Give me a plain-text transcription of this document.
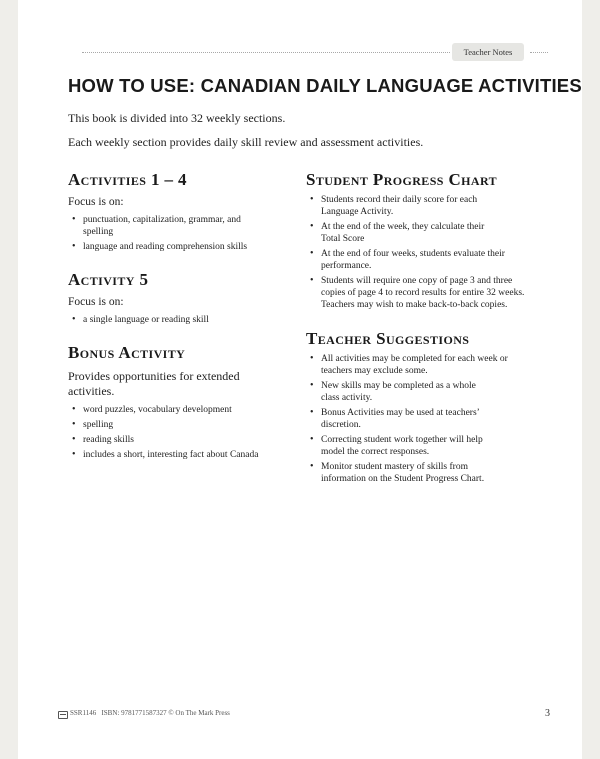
Teacher Notes
HOW TO USE: CANADIAN DAILY LANGUAGE ACTIVITIES
This book is divided into 32 weekly sections.
Each weekly section provides daily skill review and assessment activities.
Activities 1 – 4
Focus is on:
• punctuation, capitalization, grammar, and spelling
• language and reading comprehension skills
Activity 5
Focus is on:
• a single language or reading skill
Bonus Activity
Provides opportunities for extended activities.
• word puzzles, vocabulary development
• spelling
• reading skills
• includes a short, interesting fact about Canada
Student Progress Chart
• Students record their daily score for each Language Activity.
• At the end of the week, they calculate their Total Score
• At the end of four weeks, students evaluate their performance.
• Students will require one copy of page 3 and three copies of page 4 to record results for entire 32 weeks. Teachers may wish to make back-to-back copies.
Teacher Suggestions
• All activities may be completed for each week or teachers may exclude some.
• New skills may be completed as a whole class activity.
• Bonus Activities may be used at teachers’ discretion.
• Correcting student work together will help model the correct responses.
• Monitor student mastery of skills from information on the Student Progress Chart.
SSR1146   ISBN: 9781771587327 © On The Mark Press	3
